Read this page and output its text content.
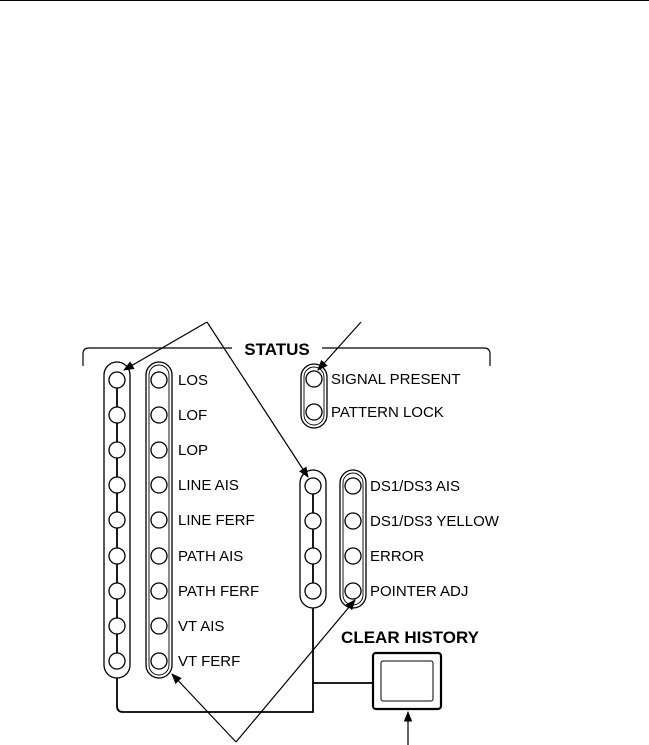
STATUS
LOS
LOF
LOP
LINE AIS
LINE FERF
PATH AIS
PATH FERF
VT AIS
VT FERF
SIGNAL PRESENT
PATTERN LOCK
DS1/DS3 AIS
DS1/DS3 YELLOW
ERROR
POINTER ADJ
CLEAR HISTORY
